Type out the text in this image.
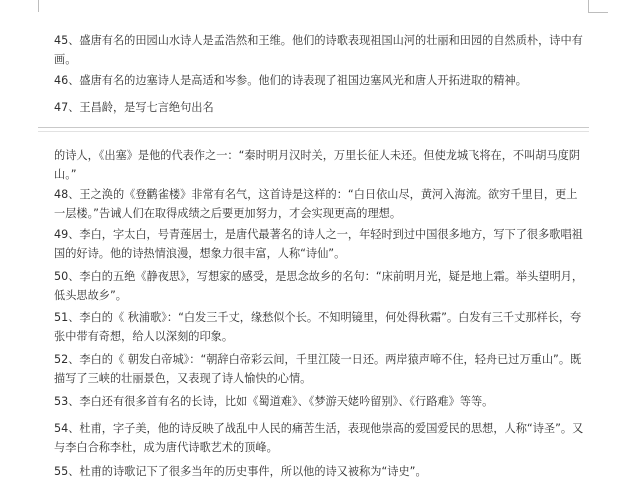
45、盛唐有名的田园山水诗人是孟浩然和王维。他们的诗歌表现祖国山河的壮丽和田园的自然质朴，诗中有画。
46、盛唐有名的边塞诗人是高适和岑参。他们的诗表现了祖国边塞风光和唐人开拓进取的精神。
47、王昌龄，是写七言绝句出名
的诗人，《出塞》是他的代表作之一：“秦时明月汉时关，万里长征人未还。但使龙城飞将在，不叫胡马度阴山。”
48、王之涣的《登鹳雀楼》非常有名气，这首诗是这样的：“白日依山尽，黄河入海流。欲穷千里目，更上一层楼。”告诫人们在取得成绩之后要更加努力，才会实现更高的理想。
49、李白，字太白，号青莲居士，是唐代最著名的诗人之一，年轻时到过中国很多地方，写下了很多歌唱祖国的好诗。他的诗热情浪漫，想象力很丰富，人称“诗仙”。
50、李白的五绝《静夜思》，写想家的感受，是思念故乡的名句：“床前明月光，疑是地上霜。举头望明月，低头思故乡”。
51、李白的《 秋浦歌》：“白发三千丈，缘愁似个长。不知明镜里，何处得秋霜”。白发有三千丈那样长，夸张中带有奇想，给人以深刻的印象。
52、李白的《 朝发白帝城》：“朝辞白帝彩云间，千里江陵一日还。两岸猿声啼不住，轻舟已过万重山”。既描写了三峡的壮丽景色，又表现了诗人愉快的心情。
53、李白还有很多首有名的长诗，比如《蜀道难》、《梦游天姥吟留别》、《行路难》等等。
54、杜甫，字子美，他的诗反映了战乱中人民的痛苦生活，表现他崇高的爱国爱民的思想，人称“诗圣”。又与李白合称李杜，成为唐代诗歌艺术的顶峰。
55、杜甫的诗歌记下了很多当年的历史事件，所以他的诗又被称为“诗史”。
